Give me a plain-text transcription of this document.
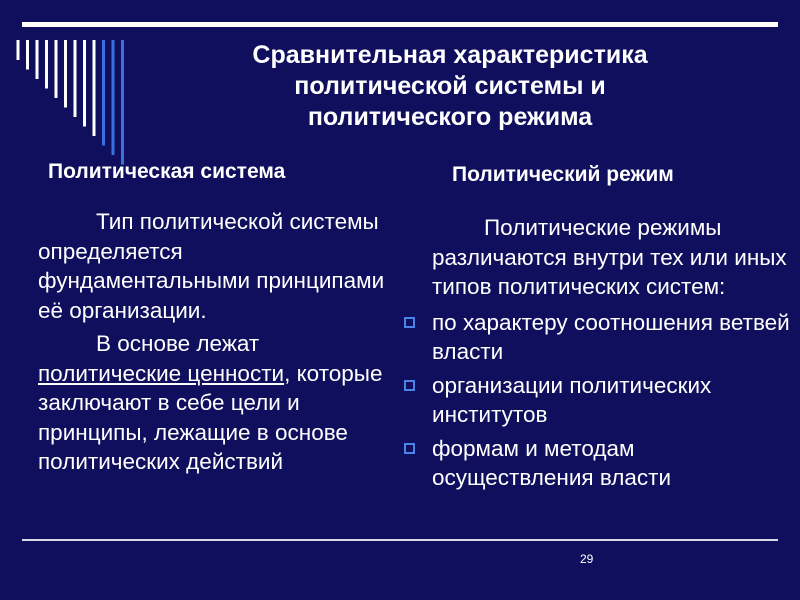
Сравнительная характеристика
политической системы и
политического режима
Политическая система	Политический режим

Тип политической системы определяется фундаментальными принципами её организации.

В основе лежат политические ценности, которые заключают в себе цели и принципы, лежащие в основе политических действий

Политические режимы различаются внутри тех или иных типов политических систем:

по характеру соотношения ветвей власти
организации политических институтов
формам и методам осуществления власти
29
